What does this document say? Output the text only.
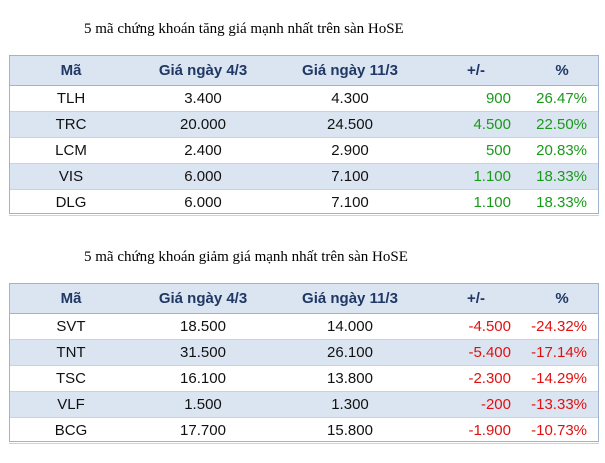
5 mã chứng khoán tăng giá mạnh nhất trên sàn HoSE
Mã	Giá ngày 4/3	Giá ngày 11/3	+/-	%
TLH	3.400	4.300	900	26.47%
TRC	20.000	24.500	4.500	22.50%
LCM	2.400	2.900	500	20.83%
VIS	6.000	7.100	1.100	18.33%
DLG	6.000	7.100	1.100	18.33%
5 mã chứng khoán giảm giá mạnh nhất trên sàn HoSE
Mã	Giá ngày 4/3	Giá ngày 11/3	+/-	%
SVT	18.500	14.000	-4.500	-24.32%
TNT	31.500	26.100	-5.400	-17.14%
TSC	16.100	13.800	-2.300	-14.29%
VLF	1.500	1.300	-200	-13.33%
BCG	17.700	15.800	-1.900	-10.73%
